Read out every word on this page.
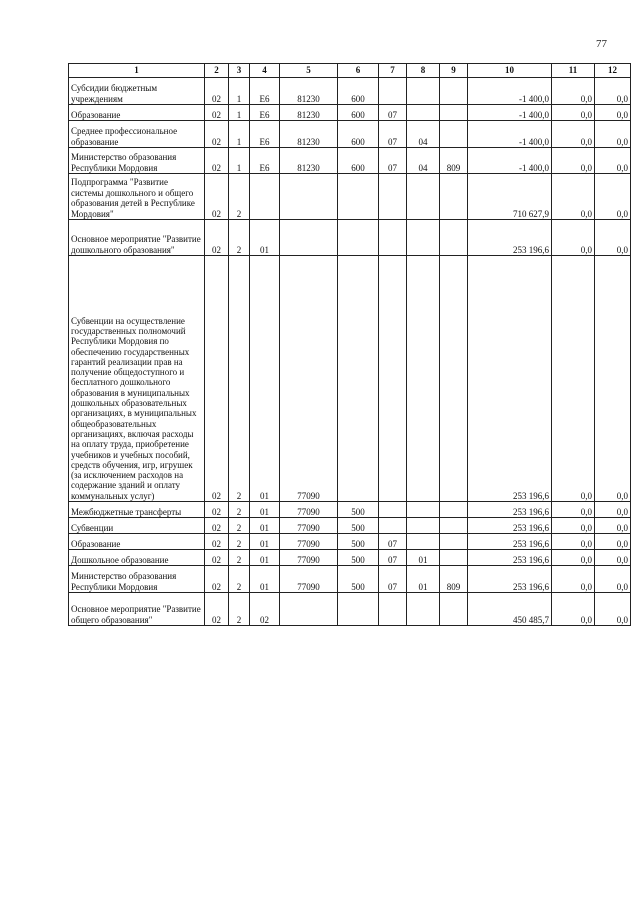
77
1	2	3	4	5	6	7	8	9	10	11	12
Субсидии бюджетным учреждениям	02	1	Е6	81230	600				-1 400,0	0,0	0,0
Образование	02	1	Е6	81230	600	07			-1 400,0	0,0	0,0
Среднее профессиональное образование	02	1	Е6	81230	600	07	04		-1 400,0	0,0	0,0
Министерство образования Республики Мордовия	02	1	Е6	81230	600	07	04	809	-1 400,0	0,0	0,0
Подпрограмма "Развитие системы дошкольного и общего образования детей в Республике Мордовия"	02	2							710 627,9	0,0	0,0
Основное мероприятие "Развитие дошкольного образования"	02	2	01						253 196,6	0,0	0,0
Субвенции на осуществление государственных полномочий Республики Мордовия по обеспечению государственных гарантий реализации прав на получение общедоступного и бесплатного дошкольного образования в муниципальных дошкольных образовательных организациях, в муниципальных общеобразовательных организациях, включая расходы на оплату труда, приобретение учебников и учебных пособий, средств обучения, игр, игрушек (за исключением расходов на содержание зданий и оплату коммунальных услуг)	02	2	01	77090					253 196,6	0,0	0,0
Межбюджетные трансферты	02	2	01	77090	500				253 196,6	0,0	0,0
Субвенции	02	2	01	77090	500				253 196,6	0,0	0,0
Образование	02	2	01	77090	500	07			253 196,6	0,0	0,0
Дошкольное образование	02	2	01	77090	500	07	01		253 196,6	0,0	0,0
Министерство образования Республики Мордовия	02	2	01	77090	500	07	01	809	253 196,6	0,0	0,0
Основное мероприятие "Развитие общего образования"	02	2	02						450 485,7	0,0	0,0
